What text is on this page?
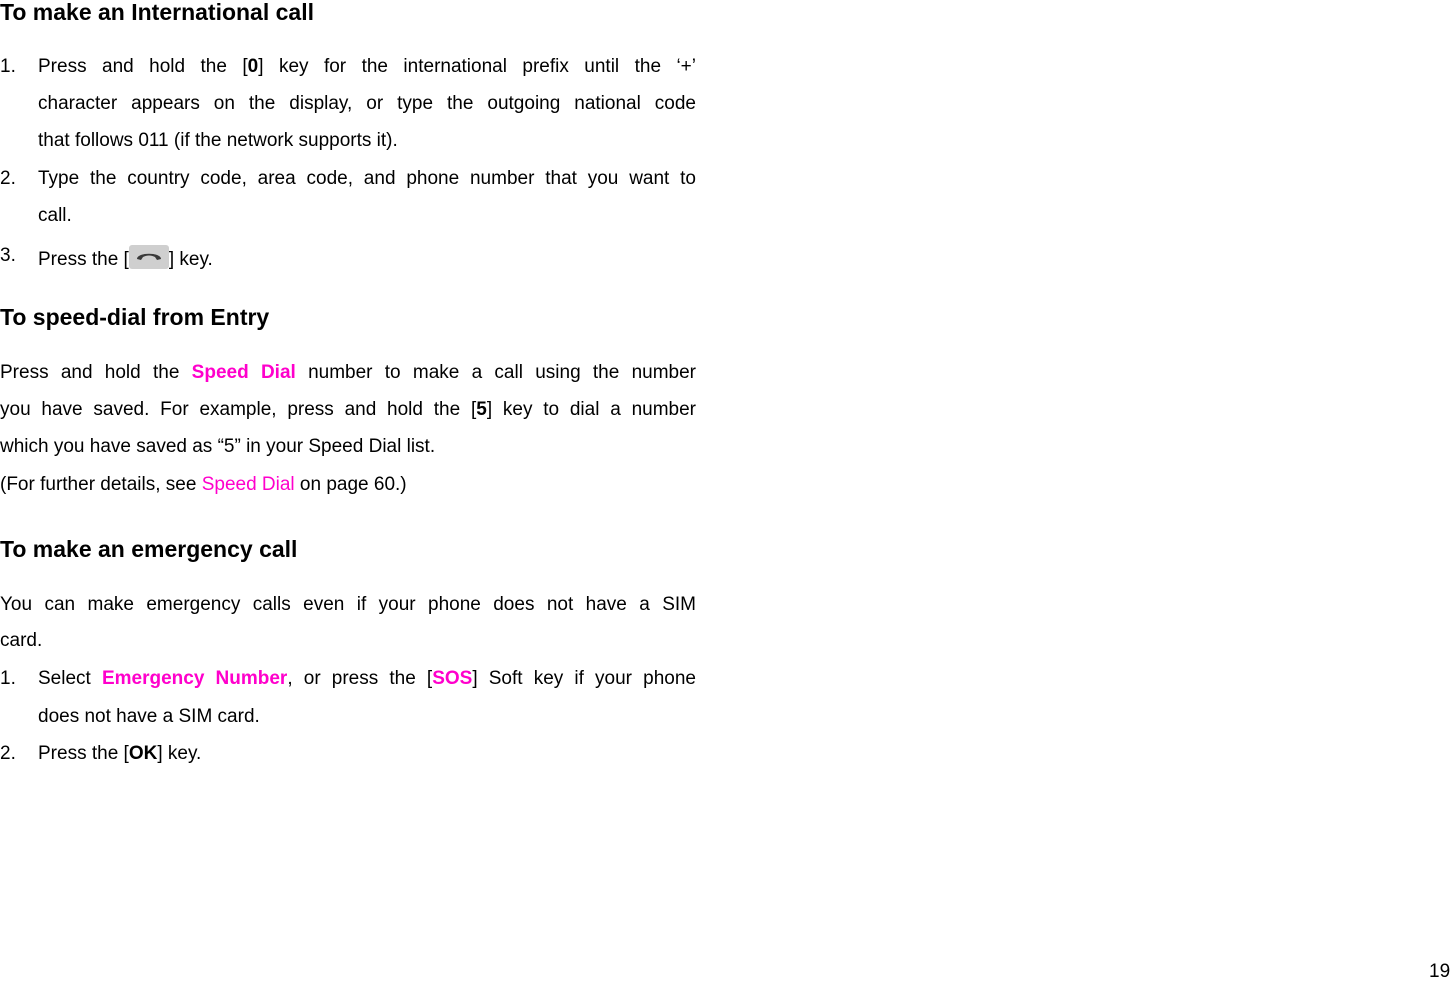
To make an International call
1.	Press and hold the [0] key for the international prefix until the ‘+’
character appears on the display, or type the outgoing national code
that follows 011 (if the network supports it).
2.	Type the country code, area code, and phone number that you want to
call.
3.	Press the [ ] key.
To speed-dial from Entry
Press and hold the Speed Dial number to make a call using the number
you have saved. For example, press and hold the [5] key to dial a number
which you have saved as “5” in your Speed Dial list.
(For further details, see Speed Dial on page 60.)
To make an emergency call
You can make emergency calls even if your phone does not have a SIM
card.
1.	Select Emergency Number, or press the [SOS] Soft key if your phone
does not have a SIM card.
2.	Press the [OK] key.
19
